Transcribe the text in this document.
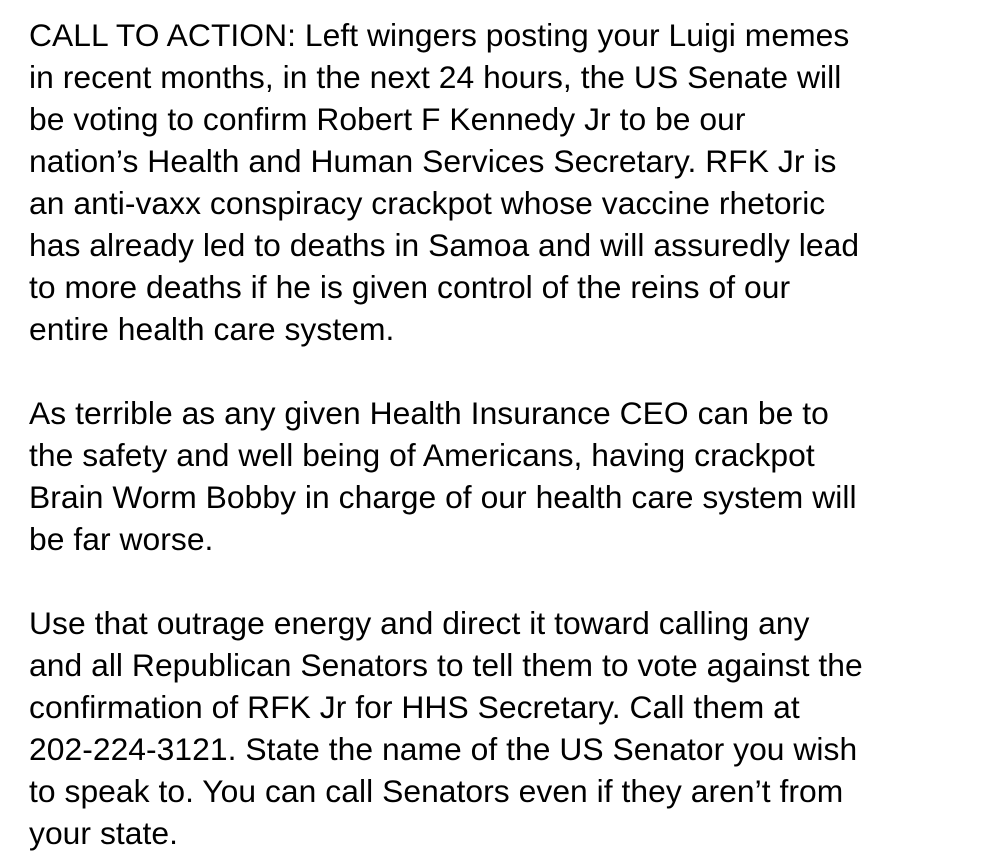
CALL TO ACTION: Left wingers posting your Luigi memes
in recent months, in the next 24 hours, the US Senate will
be voting to confirm Robert F Kennedy Jr to be our
nation’s Health and Human Services Secretary. RFK Jr is
an anti-vaxx conspiracy crackpot whose vaccine rhetoric
has already led to deaths in Samoa and will assuredly lead
to more deaths if he is given control of the reins of our
entire health care system.

As terrible as any given Health Insurance CEO can be to
the safety and well being of Americans, having crackpot
Brain Worm Bobby in charge of our health care system will
be far worse.

Use that outrage energy and direct it toward calling any
and all Republican Senators to tell them to vote against the
confirmation of RFK Jr for HHS Secretary. Call them at
202-224-3121. State the name of the US Senator you wish
to speak to. You can call Senators even if they aren’t from
your state.
